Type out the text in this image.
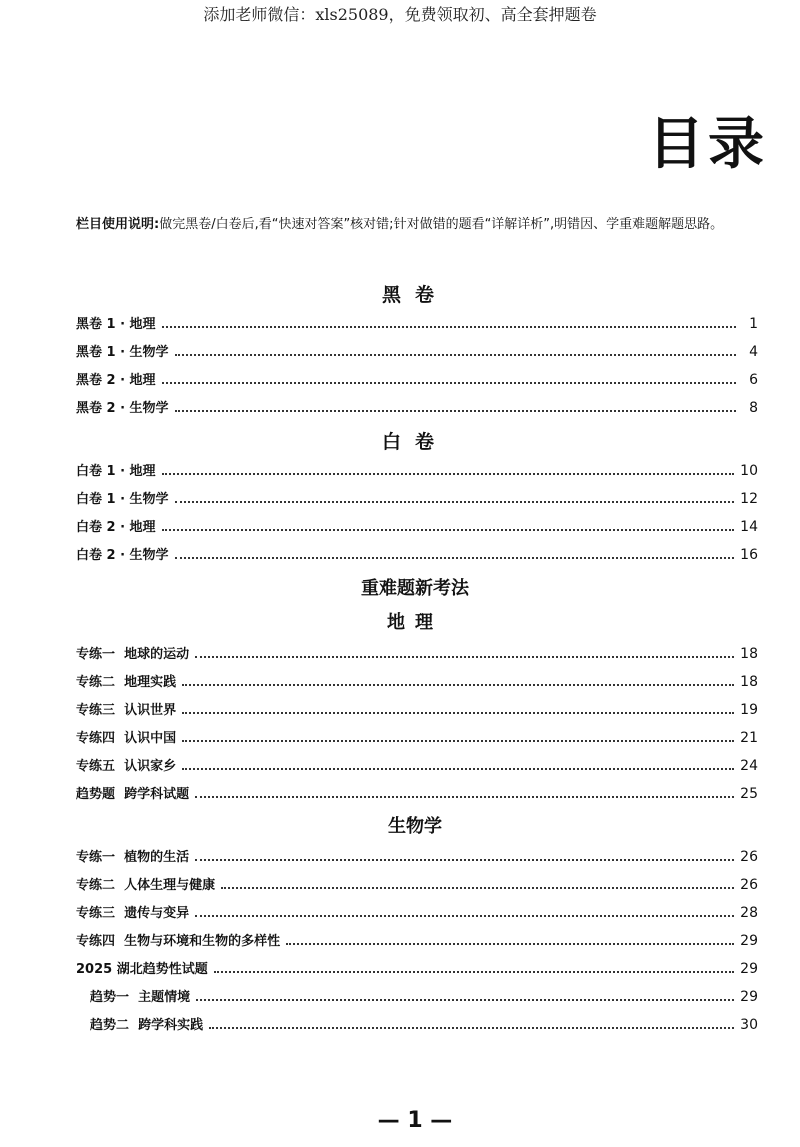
添加老师微信：xls25089，免费领取初、高全套押题卷
目录
栏目使用说明:做完黑卷/白卷后,看“快速对答案”核对错;针对做错的题看“详解详析”,明错因、学重难题解题思路。
黑卷
黑卷 1 · 地理	1
黑卷 1 · 生物学	4
黑卷 2 · 地理	6
黑卷 2 · 生物学	8
白卷
白卷 1 · 地理	10
白卷 1 · 生物学	12
白卷 2 · 地理	14
白卷 2 · 生物学	16
重难题新考法
地理
专练一 地球的运动	18
专练二 地理实践	18
专练三 认识世界	19
专练四 认识中国	21
专练五 认识家乡	24
趋势题 跨学科试题	25
生物学
专练一 植物的生活	26
专练二 人体生理与健康	26
专练三 遗传与变异	28
专练四 生物与环境和生物的多样性	29
2025 湖北趋势性试题	29
趋势一 主题情境	29
趋势二 跨学科实践	30
— 1 —
